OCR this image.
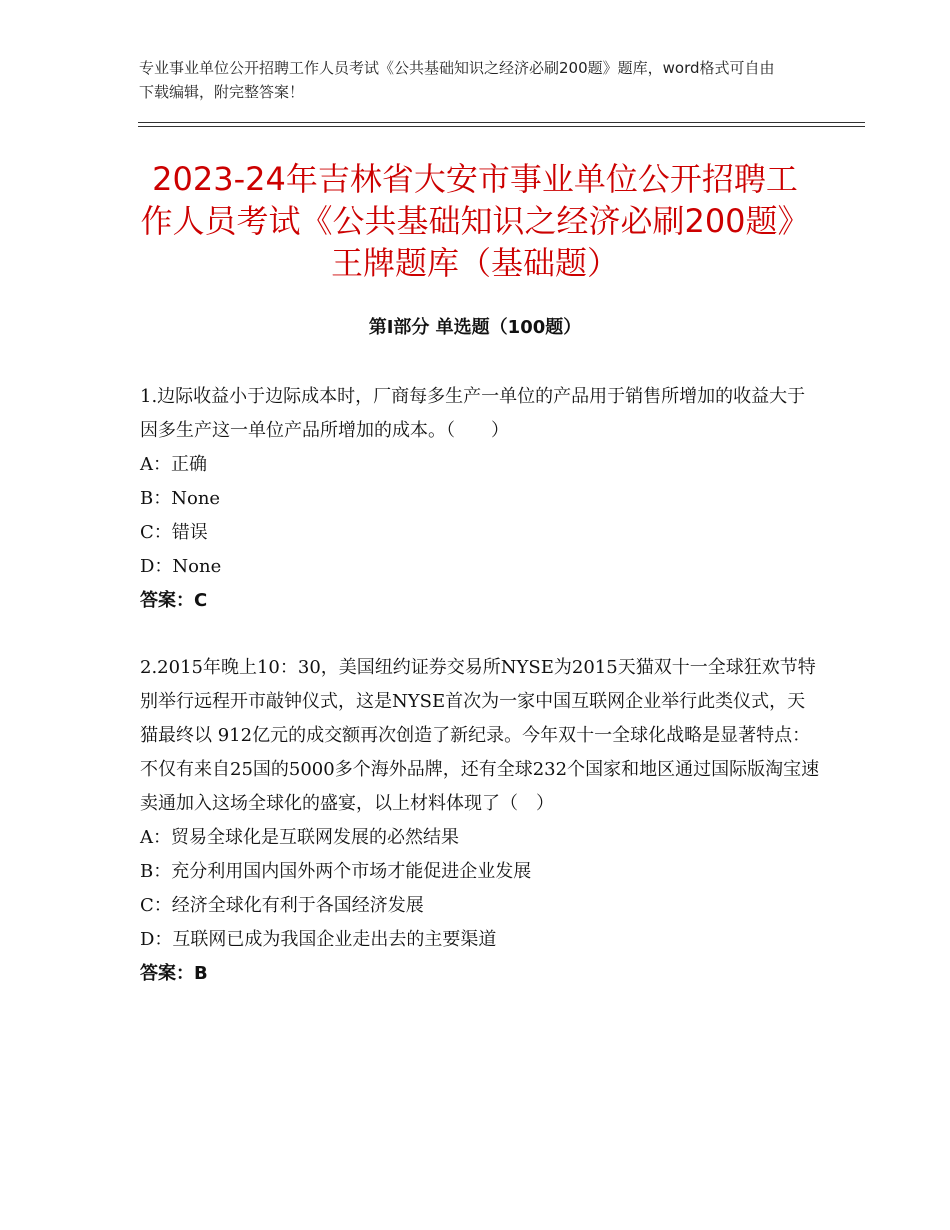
专业事业单位公开招聘工作人员考试《公共基础知识之经济必刷200题》题库，word格式可自由下载编辑，附完整答案！
2023-24年吉林省大安市事业单位公开招聘工作人员考试《公共基础知识之经济必刷200题》王牌题库（基础题）
第Ⅰ部分 单选题（100题）

1.边际收益小于边际成本时，厂商每多生产一单位的产品用于销售所增加的收益大于因多生产这一单位产品所增加的成本。（　　）

A：正确

B：None

C：错误

D：None

答案：C

2.2015年晚上10：30，美国纽约证券交易所NYSE为2015天猫双十一全球狂欢节特别举行远程开市敲钟仪式，这是NYSE首次为一家中国互联网企业举行此类仪式，天猫最终以 912亿元的成交额再次创造了新纪录。今年双十一全球化战略是显著特点：不仅有来自25国的5000多个海外品牌，还有全球232个国家和地区通过国际版淘宝速卖通加入这场全球化的盛宴，以上材料体现了（　）

A：贸易全球化是互联网发展的必然结果

B：充分利用国内国外两个市场才能促进企业发展

C：经济全球化有利于各国经济发展

D：互联网已成为我国企业走出去的主要渠道

答案：B
